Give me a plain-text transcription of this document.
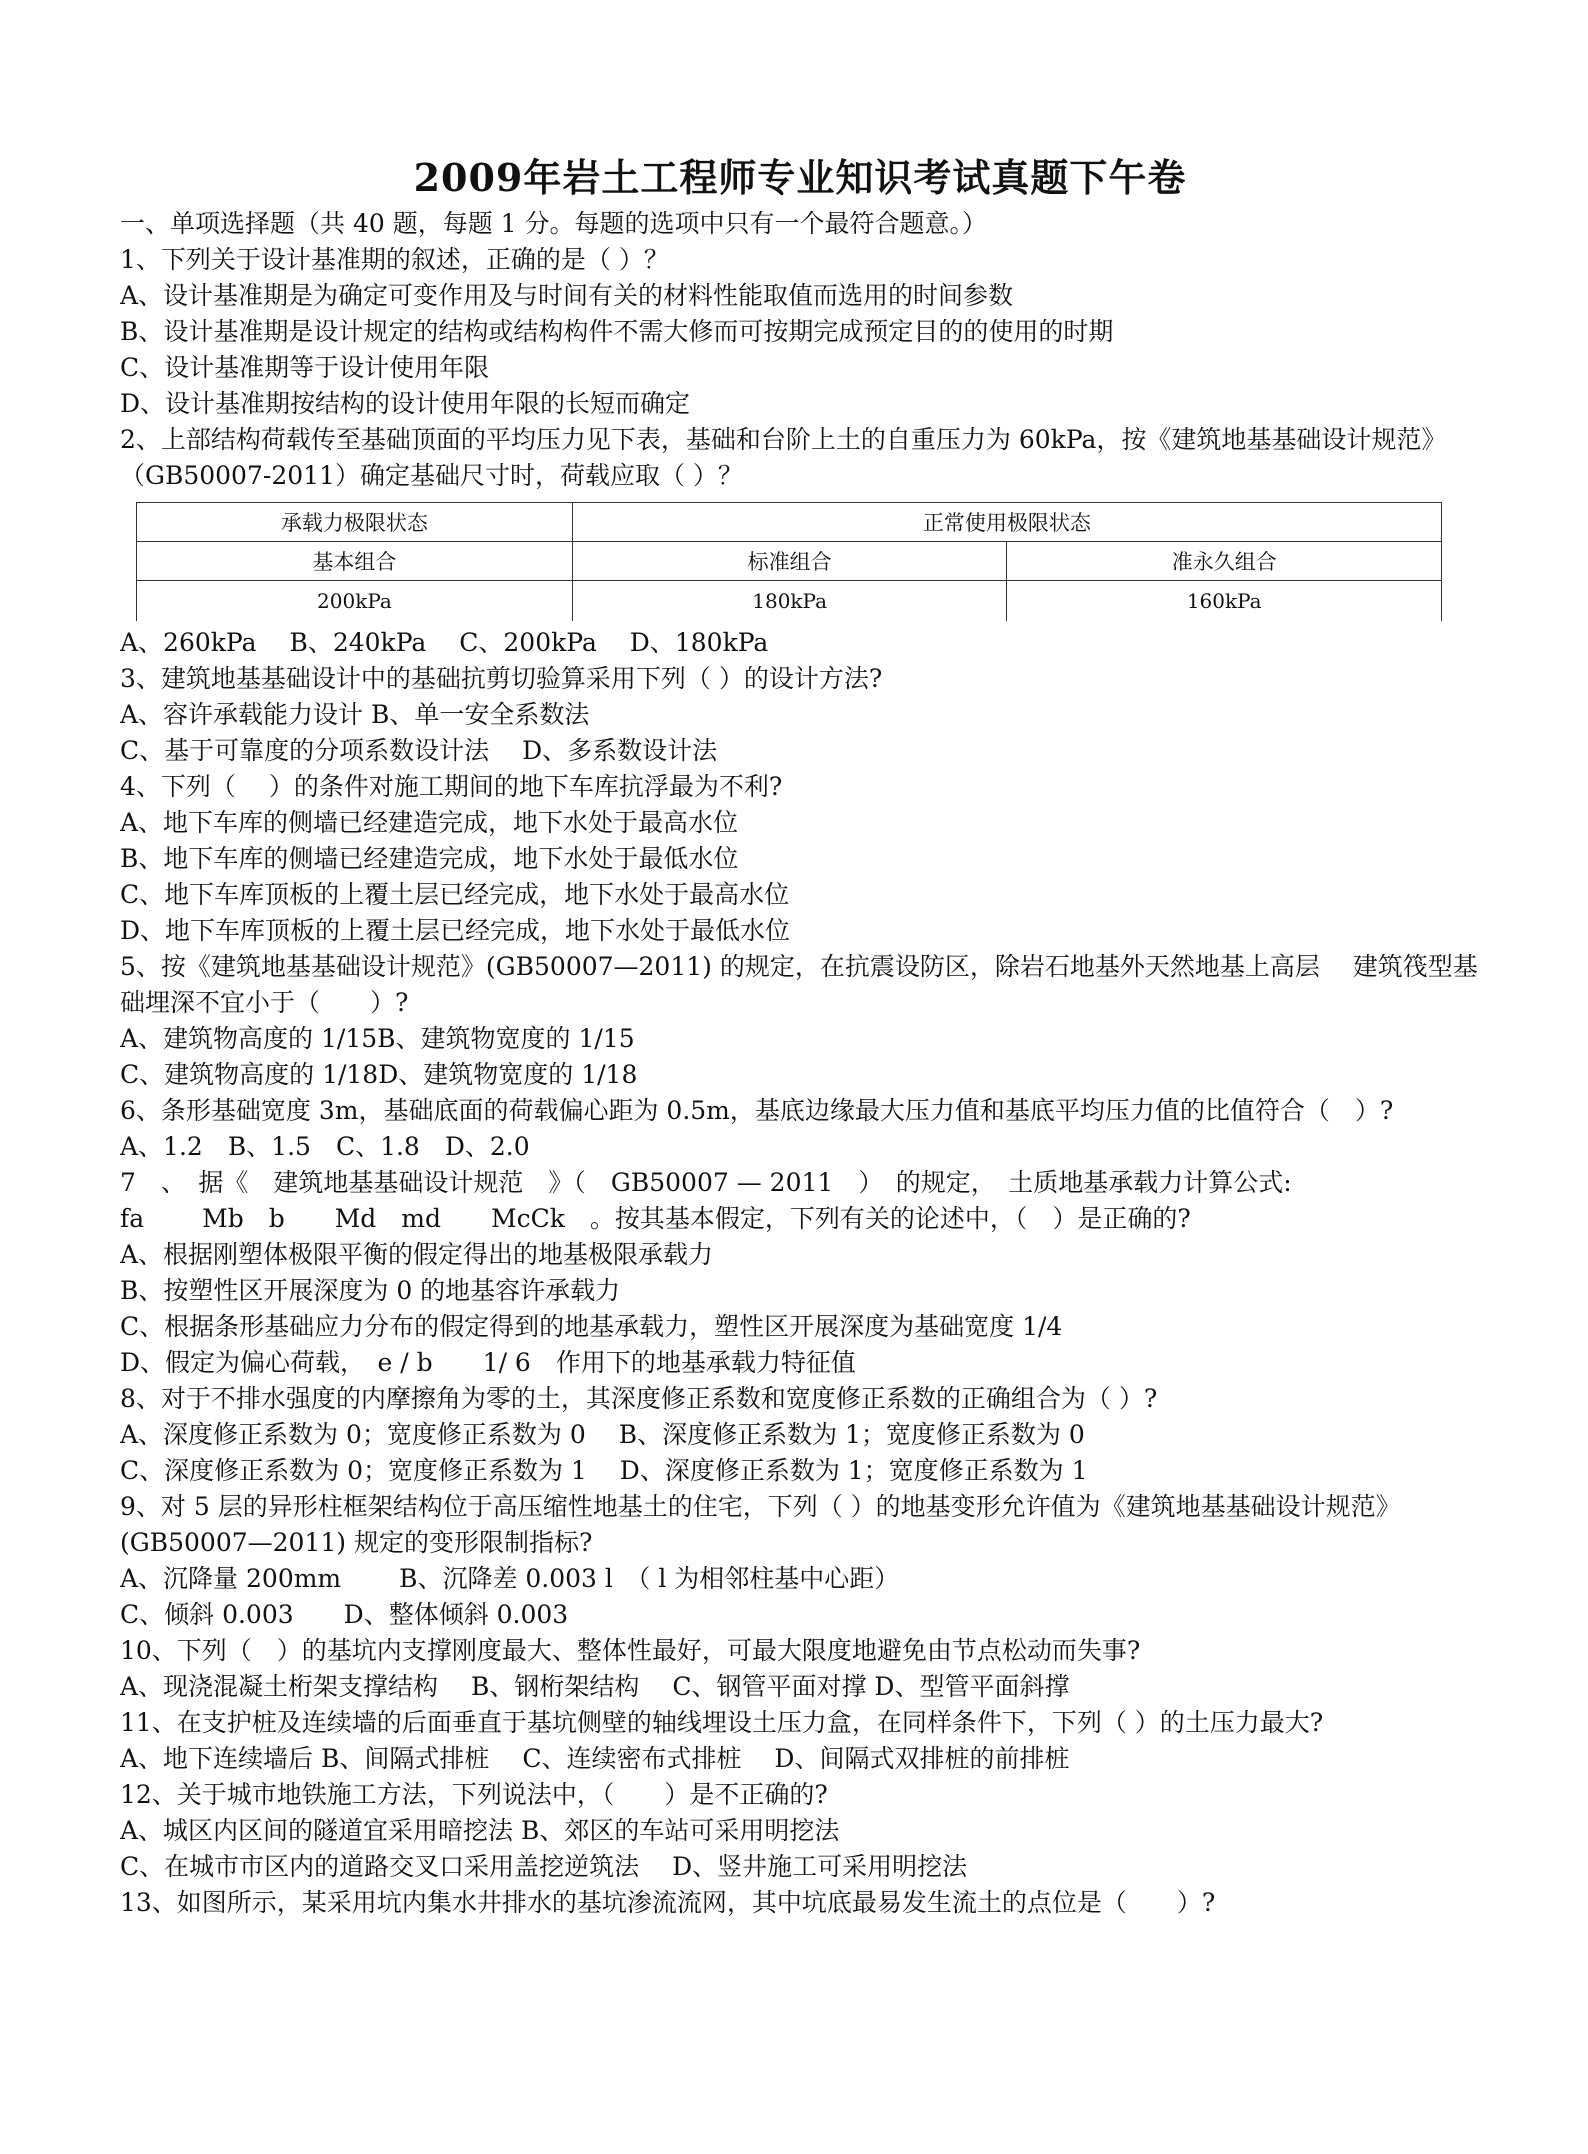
2009年岩土工程师专业知识考试真题下午卷
一、单项选择题（共 40 题，每题 1 分。每题的选项中只有一个最符合题意。）
1、下列关于设计基准期的叙述，正确的是（ ）？
A、设计基准期是为确定可变作用及与时间有关的材料性能取值而选用的时间参数
B、设计基准期是设计规定的结构或结构构件不需大修而可按期完成预定目的的使用的时期
C、设计基准期等于设计使用年限
D、设计基准期按结构的设计使用年限的长短而确定
2、上部结构荷载传至基础顶面的平均压力见下表，基础和台阶上土的自重压力为 60kPa，按《建筑地基基础设计规范》（GB50007-2011）确定基础尺寸时，荷载应取（ ）？
承载力极限状态	正常使用极限状态	
基本组合	标准组合	准永久组合
200kPa	180kPa	160kPa
A、260kPa　 B、240kPa　 C、200kPa　 D、180kPa
3、建筑地基基础设计中的基础抗剪切验算采用下列（ ）的设计方法?
A、容许承载能力设计 B、单一安全系数法
C、基于可靠度的分项系数设计法　 D、多系数设计法
4、下列（　 ）的条件对施工期间的地下车库抗浮最为不利?
A、地下车库的侧墙已经建造完成，地下水处于最高水位
B、地下车库的侧墙已经建造完成，地下水处于最低水位
C、地下车库顶板的上覆土层已经完成，地下水处于最高水位
D、地下车库顶板的上覆土层已经完成，地下水处于最低水位
5、按《建筑地基基础设计规范》(GB50007—2011) 的规定，在抗震设防区，除岩石地基外天然地基上高层　 建筑筏型基础埋深不宜小于（　　）?
A、建筑物高度的 1/15B、建筑物宽度的 1/15
C、建筑物高度的 1/18D、建筑物宽度的 1/18
6、条形基础宽度 3m，基础底面的荷载偏心距为 0.5m，基底边缘最大压力值和基底平均压力值的比值符合（　）?
A、1.2　B、1.5　C、1.8　D、2.0
7　、　据《　建筑地基基础设计规范　》（　GB50007 — 2011　）　的规定，　土质地基承载力计算公式:
fa　　 Mb　b　　Md　md　　McCk　。按其基本假定，下列有关的论述中，（　）是正确的?
A、根据刚塑体极限平衡的假定得出的地基极限承载力
B、按塑性区开展深度为 0 的地基容许承载力
C、根据条形基础应力分布的假定得到的地基承载力，塑性区开展深度为基础宽度 1/4
D、假定为偏心荷载，　e / b　　1/ 6　作用下的地基承载力特征值
8、对于不排水强度的内摩擦角为零的土，其深度修正系数和宽度修正系数的正确组合为（ ）?
A、深度修正系数为 0；宽度修正系数为 0　 B、深度修正系数为 1；宽度修正系数为 0
C、深度修正系数为 0；宽度修正系数为 1　 D、深度修正系数为 1；宽度修正系数为 1
9、对 5 层的异形柱框架结构位于高压缩性地基土的住宅，下列（ ）的地基变形允许值为《建筑地基基础设计规范》(GB50007—2011) 规定的变形限制指标?
A、沉降量 200mm　　 B、沉降差 0.003 l　（ l 为相邻柱基中心距）
C、倾斜 0.003　　D、整体倾斜 0.003
10、下列（　）的基坑内支撑刚度最大、整体性最好，可最大限度地避免由节点松动而失事?
A、现浇混凝土桁架支撑结构　 B、钢桁架结构　 C、钢管平面对撑 D、型管平面斜撑
11、在支护桩及连续墙的后面垂直于基坑侧壁的轴线埋设土压力盒，在同样条件下，下列（ ）的土压力最大?
A、地下连续墙后 B、间隔式排桩　 C、连续密布式排桩　 D、间隔式双排桩的前排桩
12、关于城市地铁施工方法，下列说法中，（　　）是不正确的?
A、城区内区间的隧道宜采用暗挖法 B、郊区的车站可采用明挖法
C、在城市市区内的道路交叉口采用盖挖逆筑法　 D、竖井施工可采用明挖法
13、如图所示，某采用坑内集水井排水的基坑渗流流网，其中坑底最易发生流土的点位是（　　）?
